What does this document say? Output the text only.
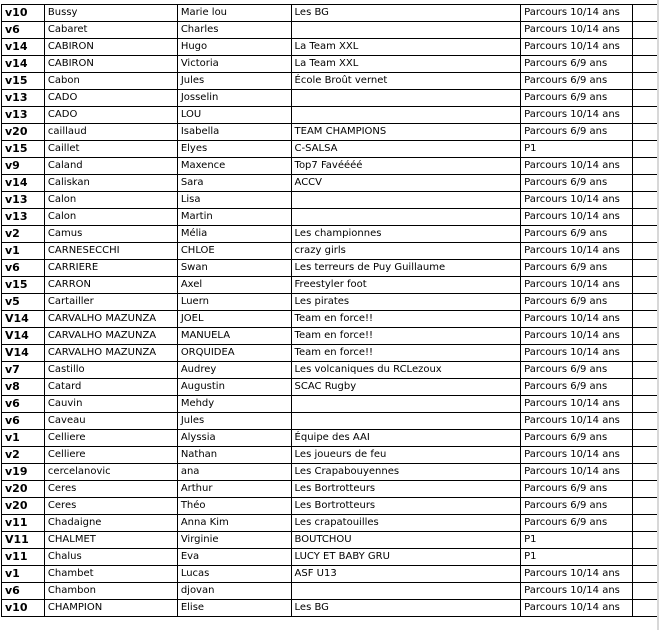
v10	Bussy	Marie lou	Les BG	Parcours 10/14 ans	
v6	Cabaret	Charles		Parcours 10/14 ans	
v14	CABIRON	Hugo	La Team XXL	Parcours 10/14 ans	
v14	CABIRON	Victoria	La Team XXL	Parcours 6/9 ans	
v15	Cabon	Jules	École Broût vernet	Parcours 6/9 ans	
v13	CADO	Josselin		Parcours 6/9 ans	
v13	CADO	LOU		Parcours 10/14 ans	
v20	caillaud	Isabella	TEAM CHAMPIONS	Parcours 6/9 ans	
v15	Caillet	Elyes	C-SALSA	P1	
v9	Caland	Maxence	Top7 Favéééé	Parcours 10/14 ans	
v14	Caliskan	Sara	ACCV	Parcours 6/9 ans	
v13	Calon	Lisa		Parcours 10/14 ans	
v13	Calon	Martin		Parcours 10/14 ans	
v2	Camus	Mélia	Les championnes	Parcours 6/9 ans	
v1	CARNESECCHI	CHLOE	crazy girls	Parcours 10/14 ans	
v6	CARRIERE	Swan	Les terreurs de Puy Guillaume	Parcours 6/9 ans	
v15	CARRON	Axel	Freestyler foot	Parcours 10/14 ans	
v5	Cartailler	Luern	Les pirates	Parcours 6/9 ans	
V14	CARVALHO MAZUNZA	JOEL	Team en force!!	Parcours 10/14 ans	
V14	CARVALHO MAZUNZA	MANUELA	Team en force!!	Parcours 10/14 ans	
V14	CARVALHO MAZUNZA	ORQUIDEA	Team en force!!	Parcours 10/14 ans	
v7	Castillo	Audrey	Les volcaniques du RCLezoux	Parcours 6/9 ans	
v8	Catard	Augustin	SCAC Rugby	Parcours 6/9 ans	
v6	Cauvin	Mehdy		Parcours 10/14 ans	
v6	Caveau	Jules		Parcours 10/14 ans	
v1	Celliere	Alyssia	Équipe des AAI	Parcours 6/9 ans	
v2	Celliere	Nathan	Les joueurs de feu	Parcours 10/14 ans	
v19	cercelanovic	ana	Les Crapabouyennes	Parcours 10/14 ans	
v20	Ceres	Arthur	Les Bortrotteurs	Parcours 6/9 ans	
v20	Ceres	Théo	Les Bortrotteurs	Parcours 6/9 ans	
v11	Chadaigne	Anna Kim	Les crapatouilles	Parcours 6/9 ans	
V11	CHALMET	Virginie	BOUTCHOU	P1	
v11	Chalus	Eva	LUCY ET BABY GRU	P1	
v1	Chambet	Lucas	ASF U13	Parcours 10/14 ans	
v6	Chambon	djovan		Parcours 10/14 ans	
v10	CHAMPION	Elise	Les BG	Parcours 10/14 ans	
